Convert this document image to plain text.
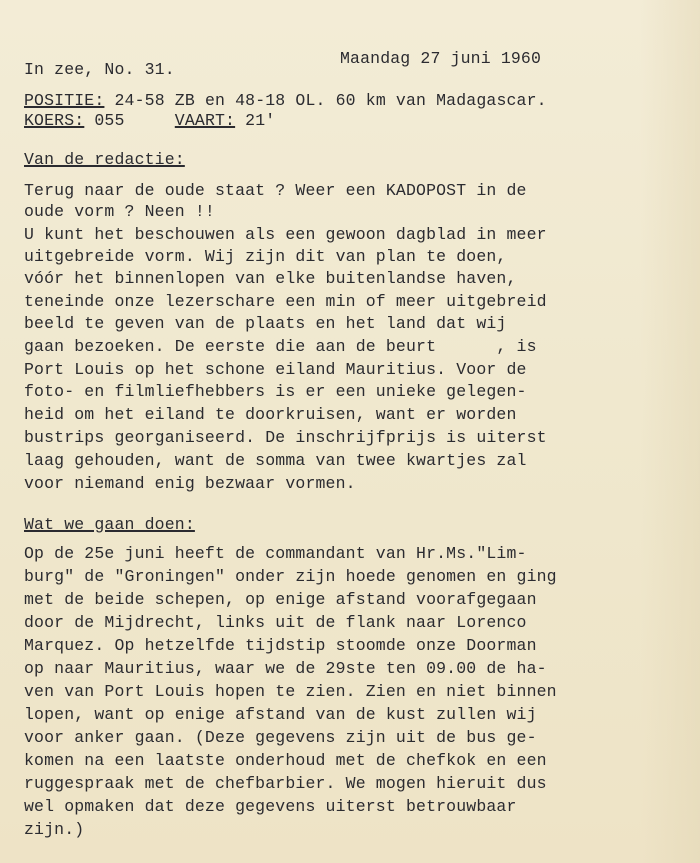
In zee, No. 31.
Maandag 27 juni 1960
POSITIE: 24-58 ZB en 48-18 OL. 60 km van Madagascar.
KOERS: 055	VAART: 21'
Van de redactie:
Terug naar de oude staat ? Weer een KADOPOST in de
oude vorm ? Neen !!
U kunt het beschouwen als een gewoon dagblad in meer
uitgebreide vorm. Wij zijn dit van plan te doen,
vóór het binnenlopen van elke buitenlandse haven,
teneinde onze lezerschare een min of meer uitgebreid
beeld te geven van de plaats en het land dat wij
gaan bezoeken. De eerste die aan de beurt      , is
Port Louis op het schone eiland Mauritius. Voor de
foto- en filmliefhebbers is er een unieke gelegen-
heid om het eiland te doorkruisen, want er worden
bustrips georganiseerd. De inschrijfprijs is uiterst
laag gehouden, want de somma van twee kwartjes zal
voor niemand enig bezwaar vormen.
Wat we gaan doen:
Op de 25e juni heeft de commandant van Hr.Ms."Lim-
burg" de "Groningen" onder zijn hoede genomen en ging
met de beide schepen, op enige afstand voorafgegaan
door de Mijdrecht, links uit de flank naar Lorenco
Marquez. Op hetzelfde tijdstip stoomde onze Doorman
op naar Mauritius, waar we de 29ste ten 09.00 de ha-
ven van Port Louis hopen te zien. Zien en niet binnen
lopen, want op enige afstand van de kust zullen wij
voor anker gaan. (Deze gegevens zijn uit de bus ge-
komen na een laatste onderhoud met de chefkok en een
ruggespraak met de chefbarbier. We mogen hieruit dus
wel opmaken dat deze gegevens uiterst betrouwbaar
zijn.)
